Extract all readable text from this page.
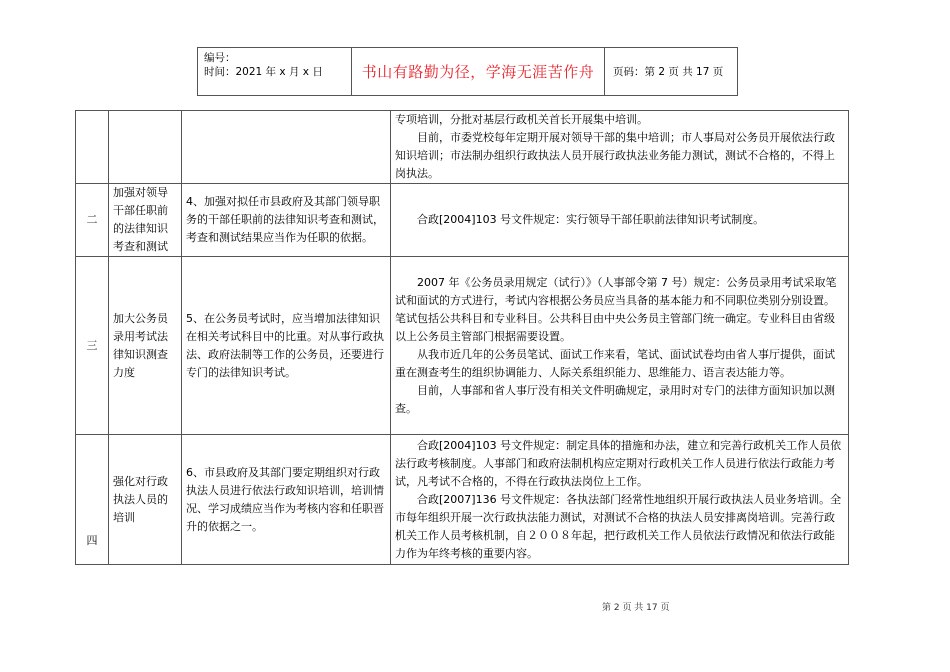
编号：
时间：2021 年 x 月 x 日	书山有路勤为径，学海无涯苦作舟	页码：第 2 页 共 17 页

			专项培训，分批对基层行政机关首长开展集中培训。

目前，市委党校每年定期开展对领导干部的集中培训；市人事局对公务员开展依法行政知识培训；市法制办组织行政执法人员开展行政执法业务能力测试，测试不合格的，不得上岗执法。

二	加强对领导干部任职前的法律知识考查和测试	4、加强对拟任市县政府及其部门领导职务的干部任职前的法律知识考查和测试，考查和测试结果应当作为任职的依据。	合政[2004]103 号文件规定：实行领导干部任职前法律知识考试制度。

三	加大公务员录用考试法律知识测查力度	5、在公务员考试时，应当增加法律知识在相关考试科目中的比重。对从事行政执法、政府法制等工作的公务员，还要进行专门的法律知识考试。	2007 年《公务员录用规定（试行）》（人事部令第 7 号）规定：公务员录用考试采取笔试和面试的方式进行，考试内容根据公务员应当具备的基本能力和不同职位类别分别设置。笔试包括公共科目和专业科目。公共科目由中央公务员主管部门统一确定。专业科目由省级以上公务员主管部门根据需要设置。

从我市近几年的公务员笔试、面试工作来看，笔试、面试试卷均由省人事厅提供，面试重在测查考生的组织协调能力、人际关系组织能力、思维能力、语言表达能力等。

目前，人事部和省人事厅没有相关文件明确规定，录用时对专门的法律方面知识加以测查。

四	强化对行政执法人员的培训	6、市县政府及其部门要定期组织对行政执法人员进行依法行政知识培训，培训情况、学习成绩应当作为考核内容和任职晋升的依据之一。	合政[2004]103 号文件规定：制定具体的措施和办法，建立和完善行政机关工作人员依法行政考核制度。人事部门和政府法制机构应定期对行政机关工作人员进行依法行政能力考试，凡考试不合格的，不得在行政执法岗位上工作。

合政[2007]136 号文件规定：各执法部门经常性地组织开展行政执法人员业务培训。全市每年组织开展一次行政执法能力测试，对测试不合格的执法人员安排离岗培训。完善行政机关工作人员考核机制，自２００８年起，把行政机关工作人员依法行政情况和依法行政能力作为年终考核的重要内容。

第 2 页 共 17 页
